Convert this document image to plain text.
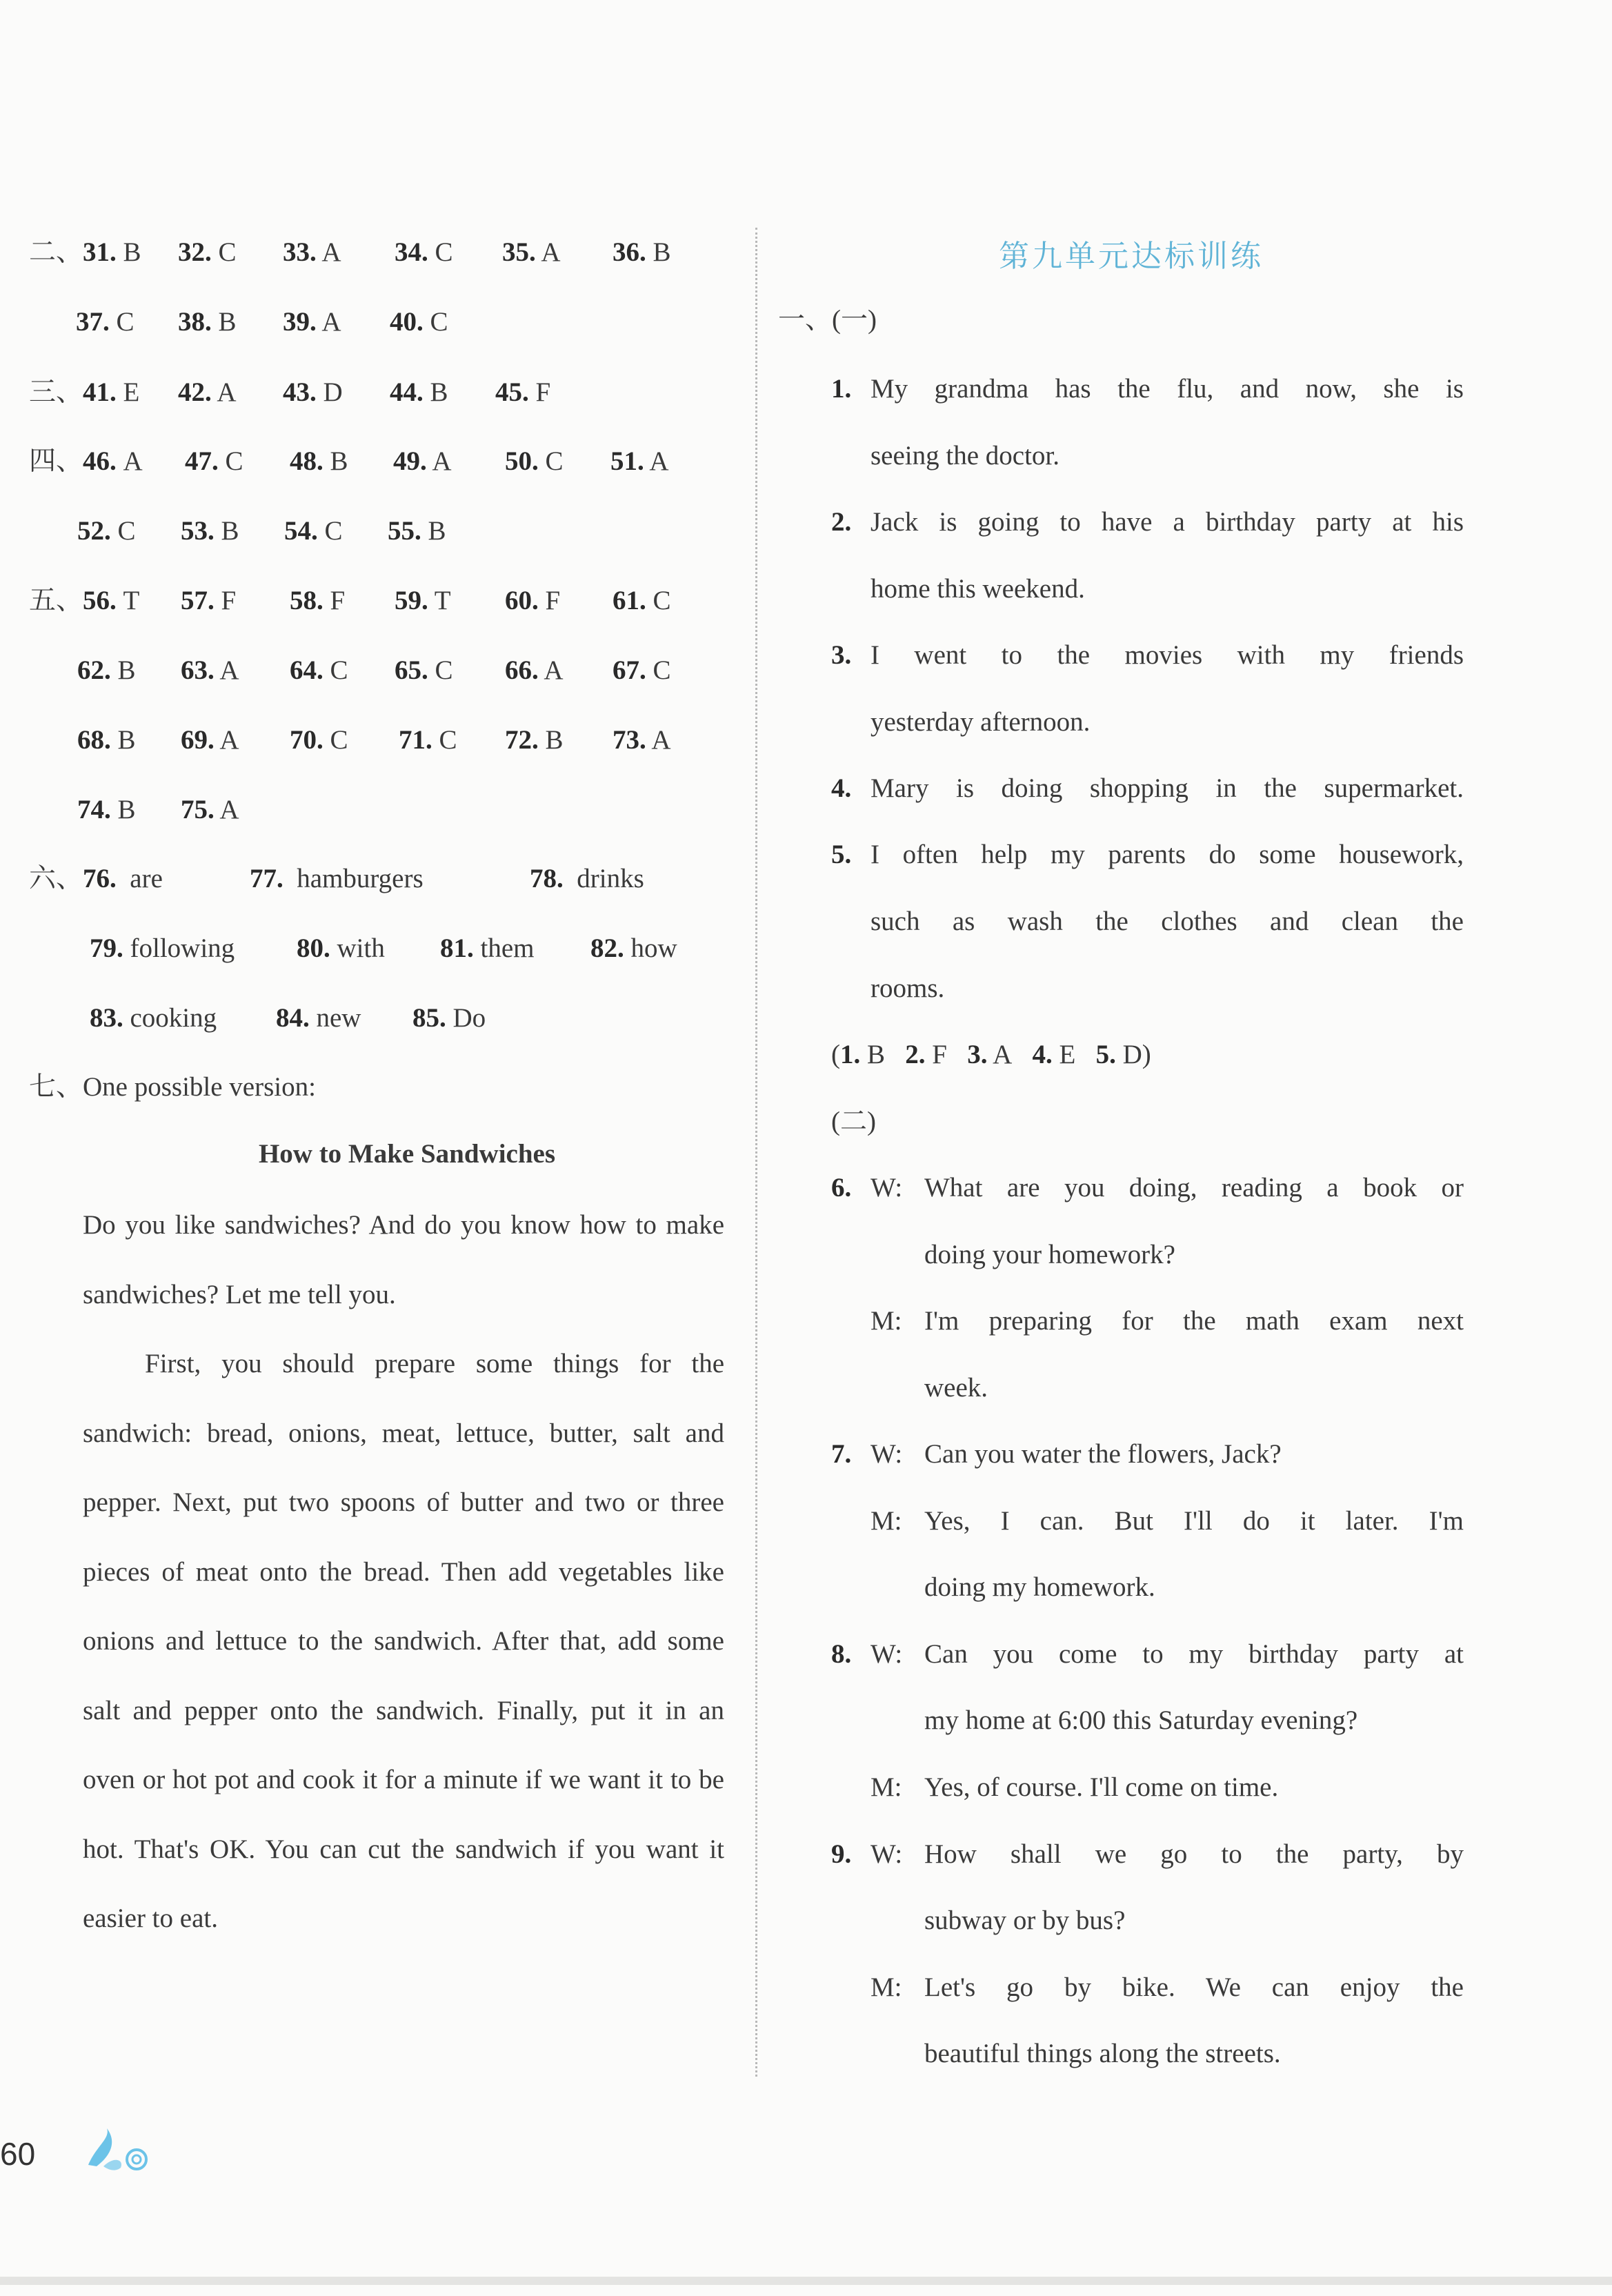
二、31. B 32. C 33. A 34. C 35. A 36. B
37. C 38. B 39. A 40. C
三、41. E 42. A 43. D 44. B 45. F
四、46. A 47. C 48. B 49. A 50. C 51. A
52. C 53. B 54. C 55. B
五、56. T 57. F 58. F 59. T 60. F 61. C
62. B 63. A 64. C 65. C 66. A 67. C
68. B 69. A 70. C 71. C 72. B 73. A
74. B 75. A
六、76. are	77. hamburgers	78. drinks
79. following 80. with 81. them 82. how
83. cooking 84. new 85. Do
七、One possible version:
How to Make Sandwiches
Do you like sandwiches? And do you know how to make sandwiches? Let me tell you.
First, you should prepare some things for the sandwich: bread, onions, meat, lettuce, butter, salt and pepper. Next, put two spoons of butter and two or three pieces of meat onto the bread. Then add vegetables like onions and lettuce to the sandwich. After that, add some salt and pepper onto the sandwich. Finally, put it in an oven or hot pot and cook it for a minute if we want it to be hot. That's OK. You can cut the sandwich if you want it easier to eat.
第九单元达标训练
一、(一)
1. My grandma has the flu, and now, she is
seeing the doctor.
2. Jack is going to have a birthday party at his
home this weekend.
3. I went to the movies with my friends
yesterday afternoon.
4. Mary is doing shopping in the supermarket.
5. I often help my parents do some housework,
such as wash the clothes and clean the
rooms.
(1. B 2. F 3. A 4. E 5. D)
(二)
6. W: What are you doing, reading a book or
doing your homework?
M: I'm preparing for the math exam next
week.
7. W: Can you water the flowers, Jack?
M: Yes, I can. But I'll do it later. I'm
doing my homework.
8. W: Can you come to my birthday party at
my home at 6:00 this Saturday evening?
M: Yes, of course. I'll come on time.
9. W: How shall we go to the party, by
subway or by bus?
M: Let's go by bike. We can enjoy the
beautiful things along the streets.
60
